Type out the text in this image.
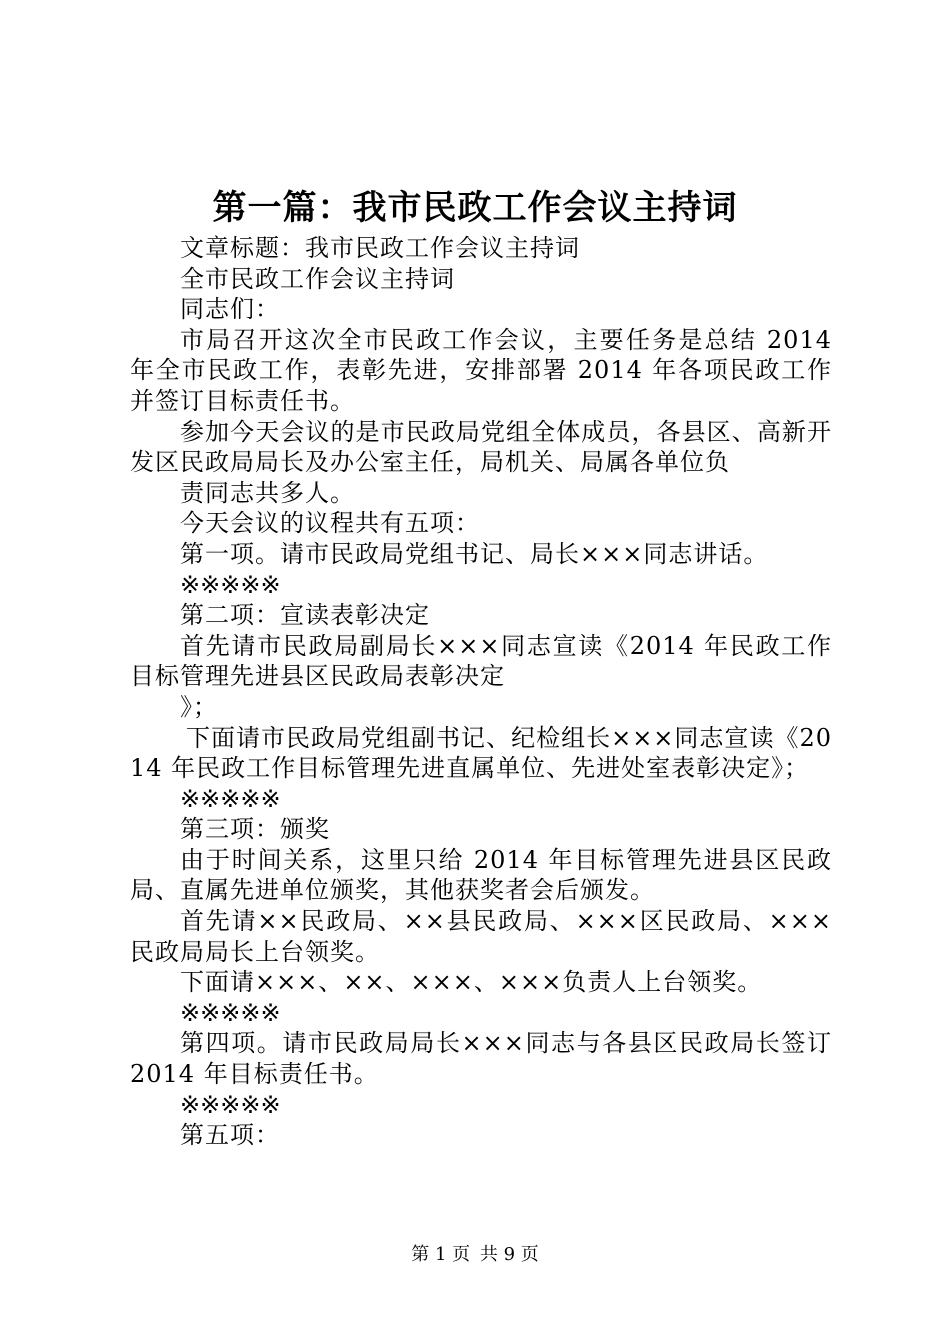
第一篇：我市民政工作会议主持词

文章标题：我市民政工作会议主持词

全市民政工作会议主持词

同志们：

市局召开这次全市民政工作会议，主要任务是总结 2014 年全市民政工作，表彰先进，安排部署 2014 年各项民政工作并签订目标责任书。

参加今天会议的是市民政局党组全体成员，各县区、高新开发区民政局局长及办公室主任，局机关、局属各单位负

责同志共多人。

今天会议的议程共有五项：

第一项。请市民政局党组书记、局长×××同志讲话。

※※※※※

第二项：宣读表彰决定

首先请市民政局副局长×××同志宣读《2014 年民政工作目标管理先进县区民政局表彰决定

》；

下面请市民政局党组副书记、纪检组长×××同志宣读《2014 年民政工作目标管理先进直属单位、先进处室表彰决定》；

※※※※※

第三项：颁奖

由于时间关系，这里只给 2014 年目标管理先进县区民政局、直属先进单位颁奖，其他获奖者会后颁发。

首先请××民政局、××县民政局、×××区民政局、×××民政局局长上台领奖。

下面请×××、××、×××、×××负责人上台领奖。

※※※※※

第四项。请市民政局局长×××同志与各县区民政局长签订 2014 年目标责任书。

※※※※※

第五项：

第 1 页 共 9 页
